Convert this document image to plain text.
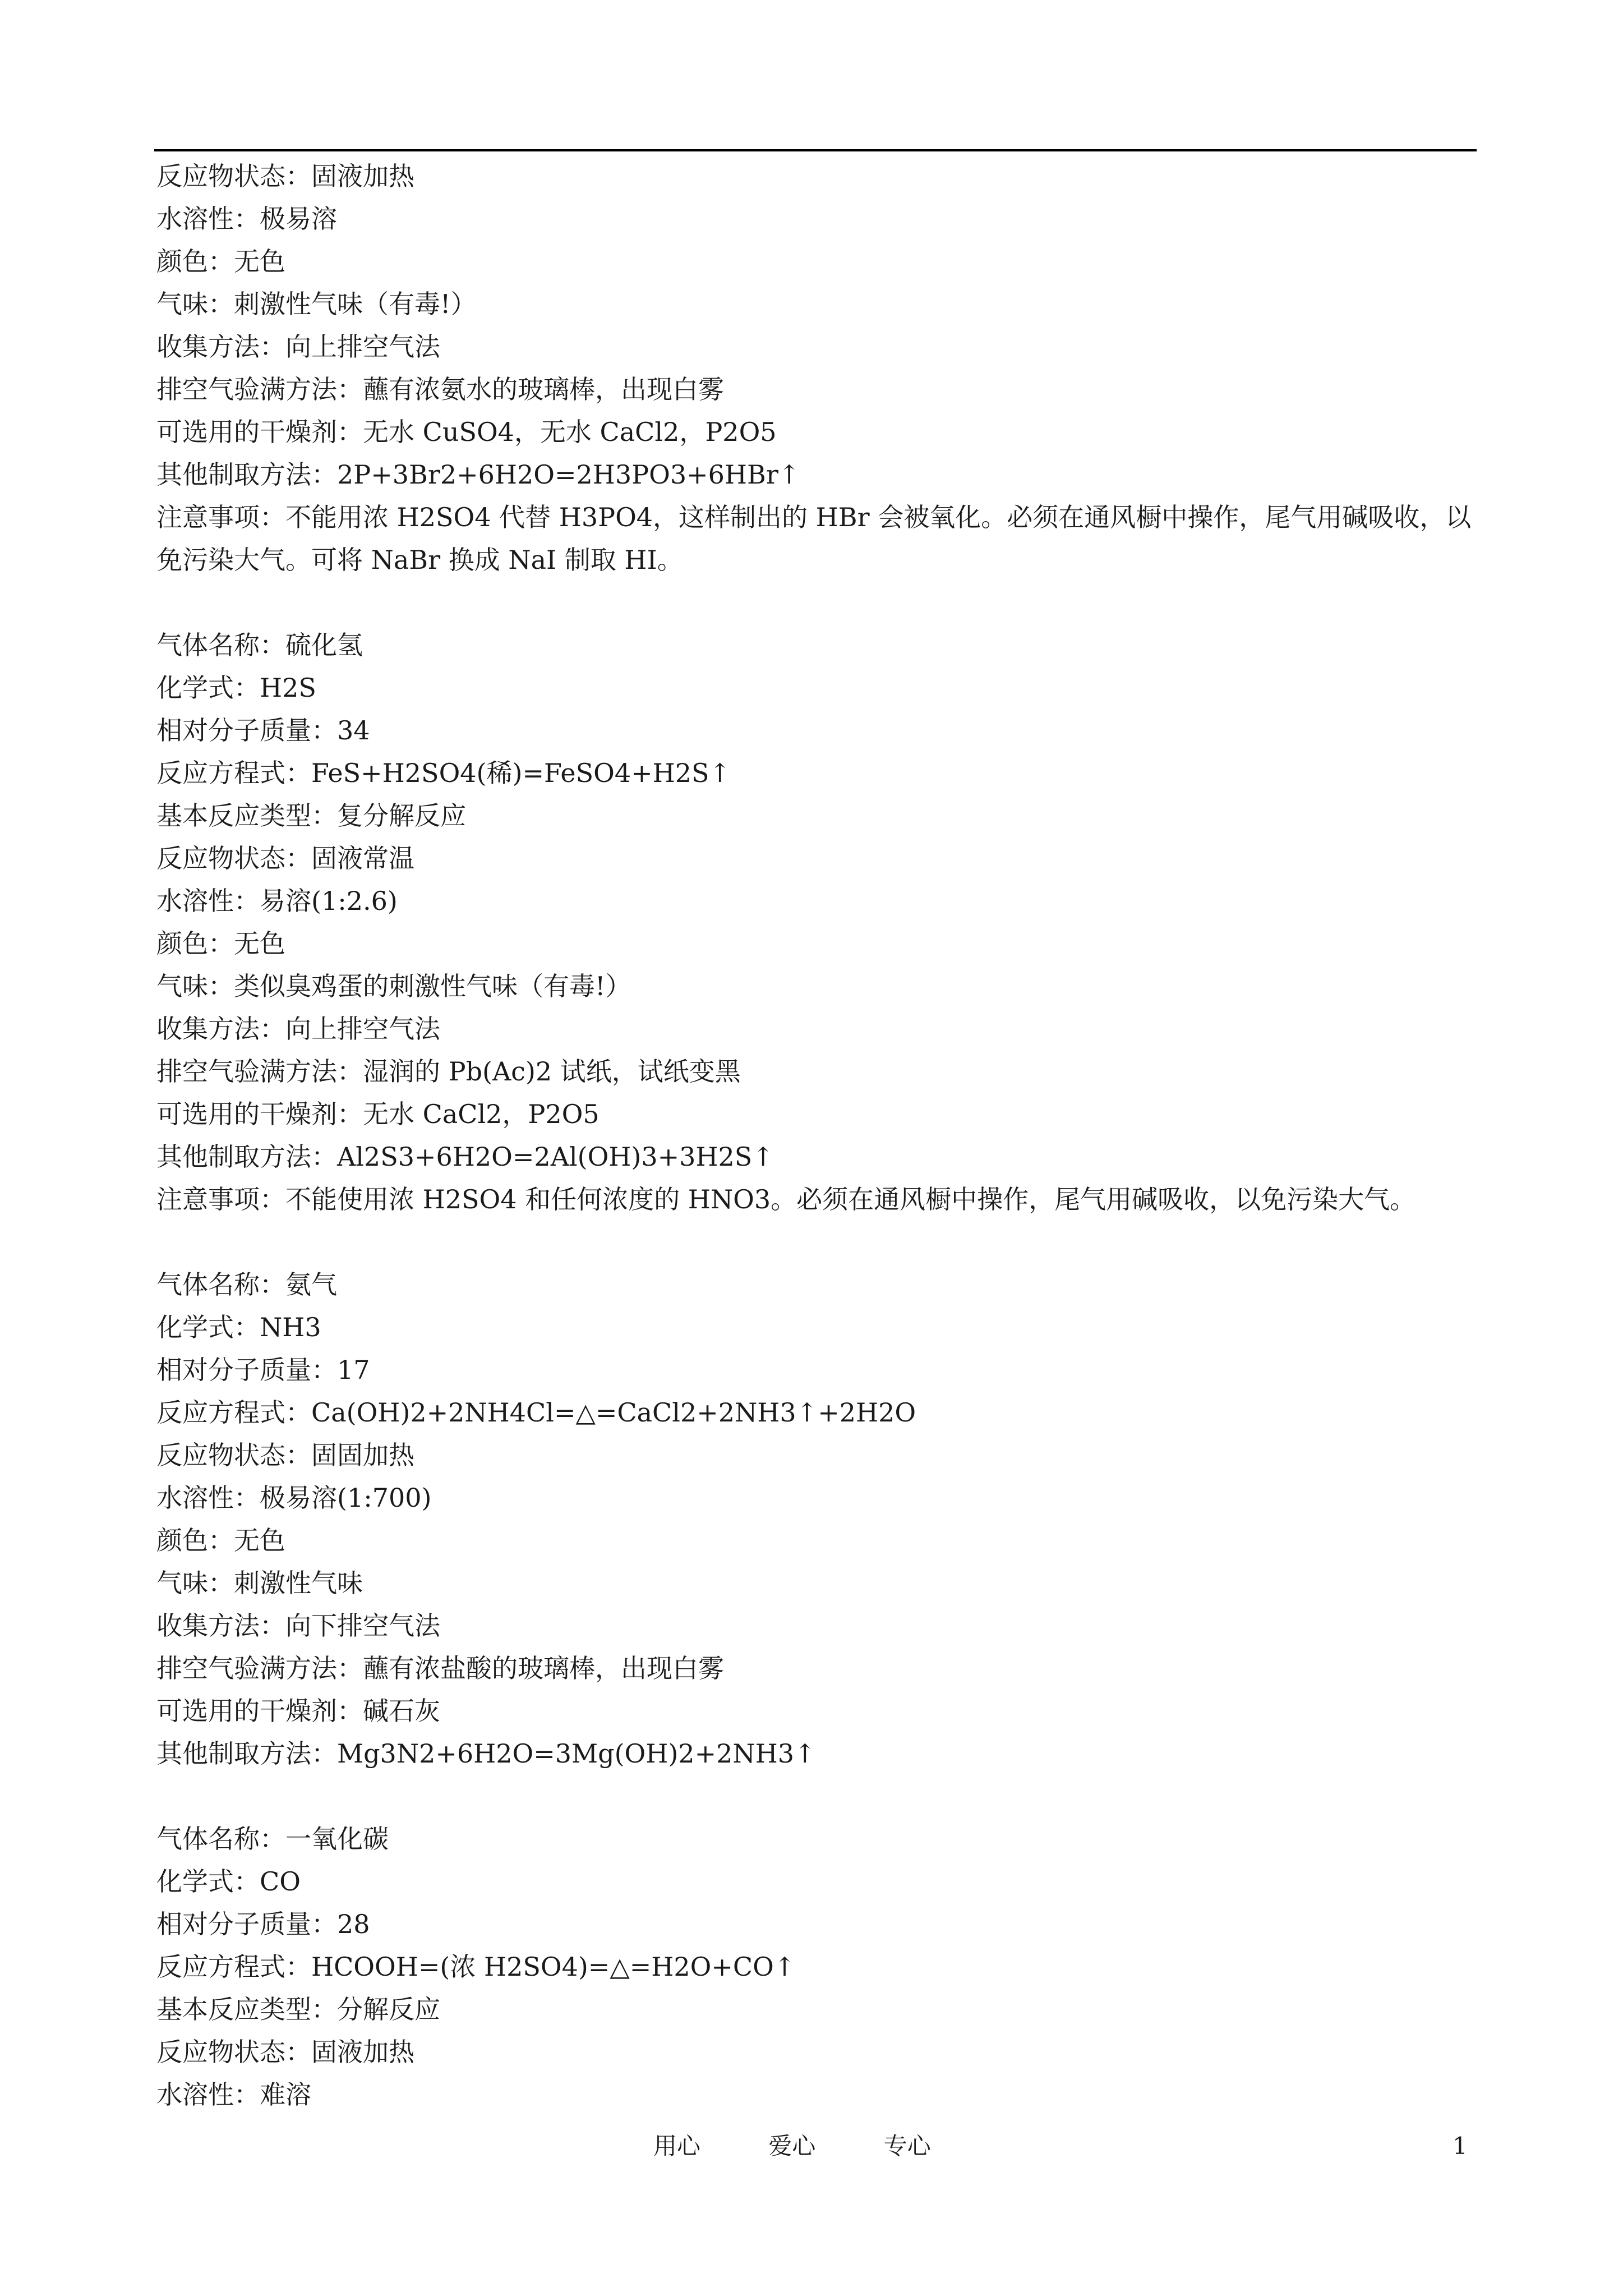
反应物状态：固液加热
水溶性：极易溶
颜色：无色
气味：刺激性气味（有毒!）
收集方法：向上排空气法
排空气验满方法：蘸有浓氨水的玻璃棒，出现白雾
可选用的干燥剂：无水 CuSO4，无水 CaCl2，P2O5
其他制取方法：2P+3Br2+6H2O=2H3PO3+6HBr↑
注意事项：不能用浓 H2SO4 代替 H3PO4，这样制出的 HBr 会被氧化。必须在通风橱中操作，尾气用碱吸收，以免污染大气。可将 NaBr 换成 NaI 制取 HI。
气体名称：硫化氢
化学式：H2S
相对分子质量：34
反应方程式：FeS+H2SO4(稀)=FeSO4+H2S↑
基本反应类型：复分解反应
反应物状态：固液常温
水溶性：易溶(1:2.6)
颜色：无色
气味：类似臭鸡蛋的刺激性气味（有毒!）
收集方法：向上排空气法
排空气验满方法：湿润的 Pb(Ac)2 试纸，试纸变黑
可选用的干燥剂：无水 CaCl2，P2O5
其他制取方法：Al2S3+6H2O=2Al(OH)3+3H2S↑
注意事项：不能使用浓 H2SO4 和任何浓度的 HNO3。必须在通风橱中操作，尾气用碱吸收，以免污染大气。
气体名称：氨气
化学式：NH3
相对分子质量：17
反应方程式：Ca(OH)2+2NH4Cl=△=CaCl2+2NH3↑+2H2O
反应物状态：固固加热
水溶性：极易溶(1:700)
颜色：无色
气味：刺激性气味
收集方法：向下排空气法
排空气验满方法：蘸有浓盐酸的玻璃棒，出现白雾
可选用的干燥剂：碱石灰
其他制取方法：Mg3N2+6H2O=3Mg(OH)2+2NH3↑
气体名称：一氧化碳
化学式：CO
相对分子质量：28
反应方程式：HCOOH=(浓 H2SO4)=△=H2O+CO↑
基本反应类型：分解反应
反应物状态：固液加热
水溶性：难溶
用心	爱心	专心	1
